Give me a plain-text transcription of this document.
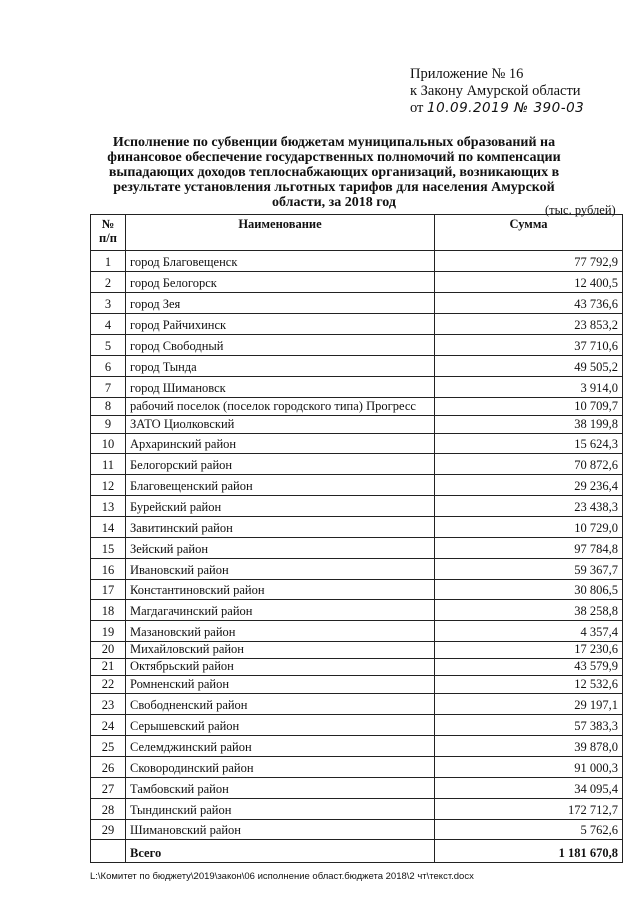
Приложение № 16
к Закону Амурской области
от 10.09.2019 № 390-03
Исполнение по субвенции бюджетам муниципальных образований на финансовое обеспечение государственных полномочий по компенсации выпадающих доходов теплоснабжающих организаций, возникающих в результате установления льготных тарифов для населения Амурской области, за 2018 год	(тыс. рублей)
№ п/п	Наименование	Сумма
1	город Благовещенск	77 792,9
2	город Белогорск	12 400,5
3	город Зея	43 736,6
4	город Райчихинск	23 853,2
5	город Свободный	37 710,6
6	город Тында	49 505,2
7	город Шимановск	3 914,0
8	рабочий поселок (поселок городского типа) Прогресс	10 709,7
9	ЗАТО Циолковский	38 199,8
10	Архаринский район	15 624,3
11	Белогорский район	70 872,6
12	Благовещенский район	29 236,4
13	Бурейский район	23 438,3
14	Завитинский район	10 729,0
15	Зейский район	97 784,8
16	Ивановский район	59 367,7
17	Константиновский район	30 806,5
18	Магдагачинский район	38 258,8
19	Мазановский район	4 357,4
20	Михайловский район	17 230,6
21	Октябрьский район	43 579,9
22	Ромненский район	12 532,6
23	Свободненский район	29 197,1
24	Серышевский район	57 383,3
25	Селемджинский район	39 878,0
26	Сковородинский район	91 000,3
27	Тамбовский район	34 095,4
28	Тындинский район	172 712,7
29	Шимановский район	5 762,6
	Всего	1 181 670,8
L:\Комитет по бюджету\2019\закон\06 исполнение област.бюджета 2018\2 чт\текст.docx
